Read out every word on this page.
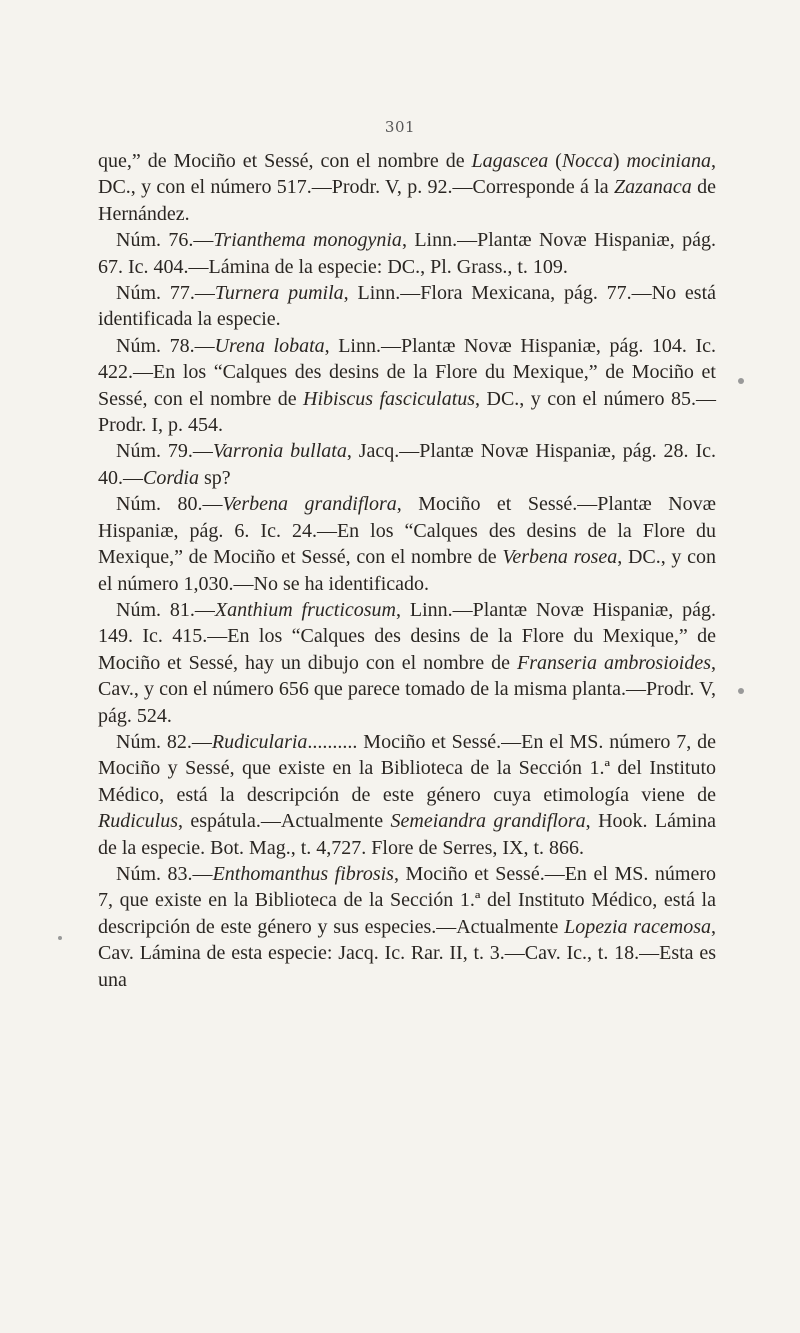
301

que,” de Mociño et Sessé, con el nombre de Lagascea (Nocca) mociniana, DC., y con el número 517.—Prodr. V, p. 92.—Corresponde á la Zazanaca de Hernández.

Núm. 76.—Trianthema monogynia, Linn.—Plantæ Novæ Hispaniæ, pág. 67. Ic. 404.—Lámina de la especie: DC., Pl. Grass., t. 109.

Núm. 77.—Turnera pumila, Linn.—Flora Mexicana, pág. 77.—No está identificada la especie.

Núm. 78.—Urena lobata, Linn.—Plantæ Novæ Hispaniæ, pág. 104. Ic. 422.—En los “Calques des desins de la Flore du Mexique,” de Mociño et Sessé, con el nombre de Hibiscus fasciculatus, DC., y con el número 85.—Prodr. I, p. 454.

Núm. 79.—Varronia bullata, Jacq.—Plantæ Novæ Hispaniæ, pág. 28. Ic. 40.—Cordia sp?

Núm. 80.—Verbena grandiflora, Mociño et Sessé.—Plantæ Novæ Hispaniæ, pág. 6. Ic. 24.—En los “Calques des desins de la Flore du Mexique,” de Mociño et Sessé, con el nombre de Verbena rosea, DC., y con el número 1,030.—No se ha identificado.

Núm. 81.—Xanthium fructicosum, Linn.—Plantæ Novæ Hispaniæ, pág. 149. Ic. 415.—En los “Calques des desins de la Flore du Mexique,” de Mociño et Sessé, hay un dibujo con el nombre de Franseria ambrosioides, Cav., y con el número 656 que parece tomado de la misma planta.—Prodr. V, pág. 524.

Núm. 82.—Rudicularia.......... Mociño et Sessé.—En el MS. número 7, de Mociño y Sessé, que existe en la Biblioteca de la Sección 1.ª del Instituto Médico, está la descripción de este género cuya etimología viene de Rudiculus, espátula.—Actualmente Semeiandra grandiflora, Hook. Lámina de la especie. Bot. Mag., t. 4,727. Flore de Serres, IX, t. 866.

Núm. 83.—Enthomanthus fibrosis, Mociño et Sessé.—En el MS. número 7, que existe en la Biblioteca de la Sección 1.ª del Instituto Médico, está la descripción de este género y sus especies.—Actualmente Lopezia racemosa, Cav. Lámina de esta especie: Jacq. Ic. Rar. II, t. 3.—Cav. Ic., t. 18.—Esta es una
